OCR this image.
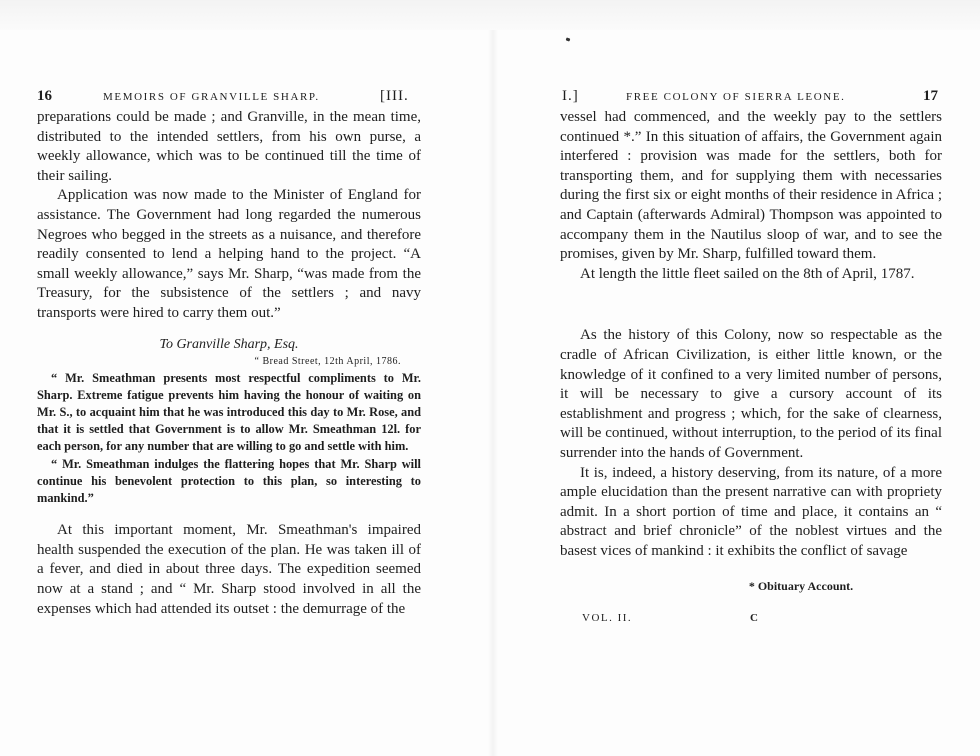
16	MEMOIRS OF GRANVILLE SHARP.	[III.

preparations could be made ; and Granville, in the mean time, distributed to the intended settlers, from his own purse, a weekly allowance, which was to be continued till the time of their sailing.

Application was now made to the Minister of England for assistance. The Government had long regarded the numerous Negroes who begged in the streets as a nuisance, and therefore readily consented to lend a helping hand to the project. “A small weekly allowance,” says Mr. Sharp, “was made from the Treasury, for the subsistence of the settlers ; and navy transports were hired to carry them out.”

To Granville Sharp, Esq.
“ Bread Street, 12th April, 1786.

“ Mr. Smeathman presents most respectful compliments to Mr. Sharp. Extreme fatigue prevents him having the honour of waiting on Mr. S., to acquaint him that he was introduced this day to Mr. Rose, and that it is settled that Government is to allow Mr. Smeathman 12l. for each person, for any number that are willing to go and settle with him.

“ Mr. Smeathman indulges the flattering hopes that Mr. Sharp will continue his benevolent protection to this plan, so interesting to mankind.”

At this important moment, Mr. Smeathman's impaired health suspended the execution of the plan. He was taken ill of a fever, and died in about three days. The expedition seemed now at a stand ; and “ Mr. Sharp stood involved in all the expenses which had attended its outset : the demurrage of the

I.]	FREE COLONY OF SIERRA LEONE.	17

vessel had commenced, and the weekly pay to the settlers continued *.” In this situation of affairs, the Government again interfered : provision was made for the settlers, both for transporting them, and for supplying them with necessaries during the first six or eight months of their residence in Africa ; and Captain (afterwards Admiral) Thompson was appointed to accompany them in the Nautilus sloop of war, and to see the promises, given by Mr. Sharp, fulfilled toward them.

At length the little fleet sailed on the 8th of April, 1787.

As the history of this Colony, now so respectable as the cradle of African Civilization, is either little known, or the knowledge of it confined to a very limited number of persons, it will be necessary to give a cursory account of its establishment and progress ; which, for the sake of clearness, will be continued, without interruption, to the period of its final surrender into the hands of Government.

It is, indeed, a history deserving, from its nature, of a more ample elucidation than the present narrative can with propriety admit. In a short portion of time and place, it contains an “ abstract and brief chronicle” of the noblest virtues and the basest vices of mankind : it exhibits the conflict of savage

* Obituary Account.
VOL. II.	C
